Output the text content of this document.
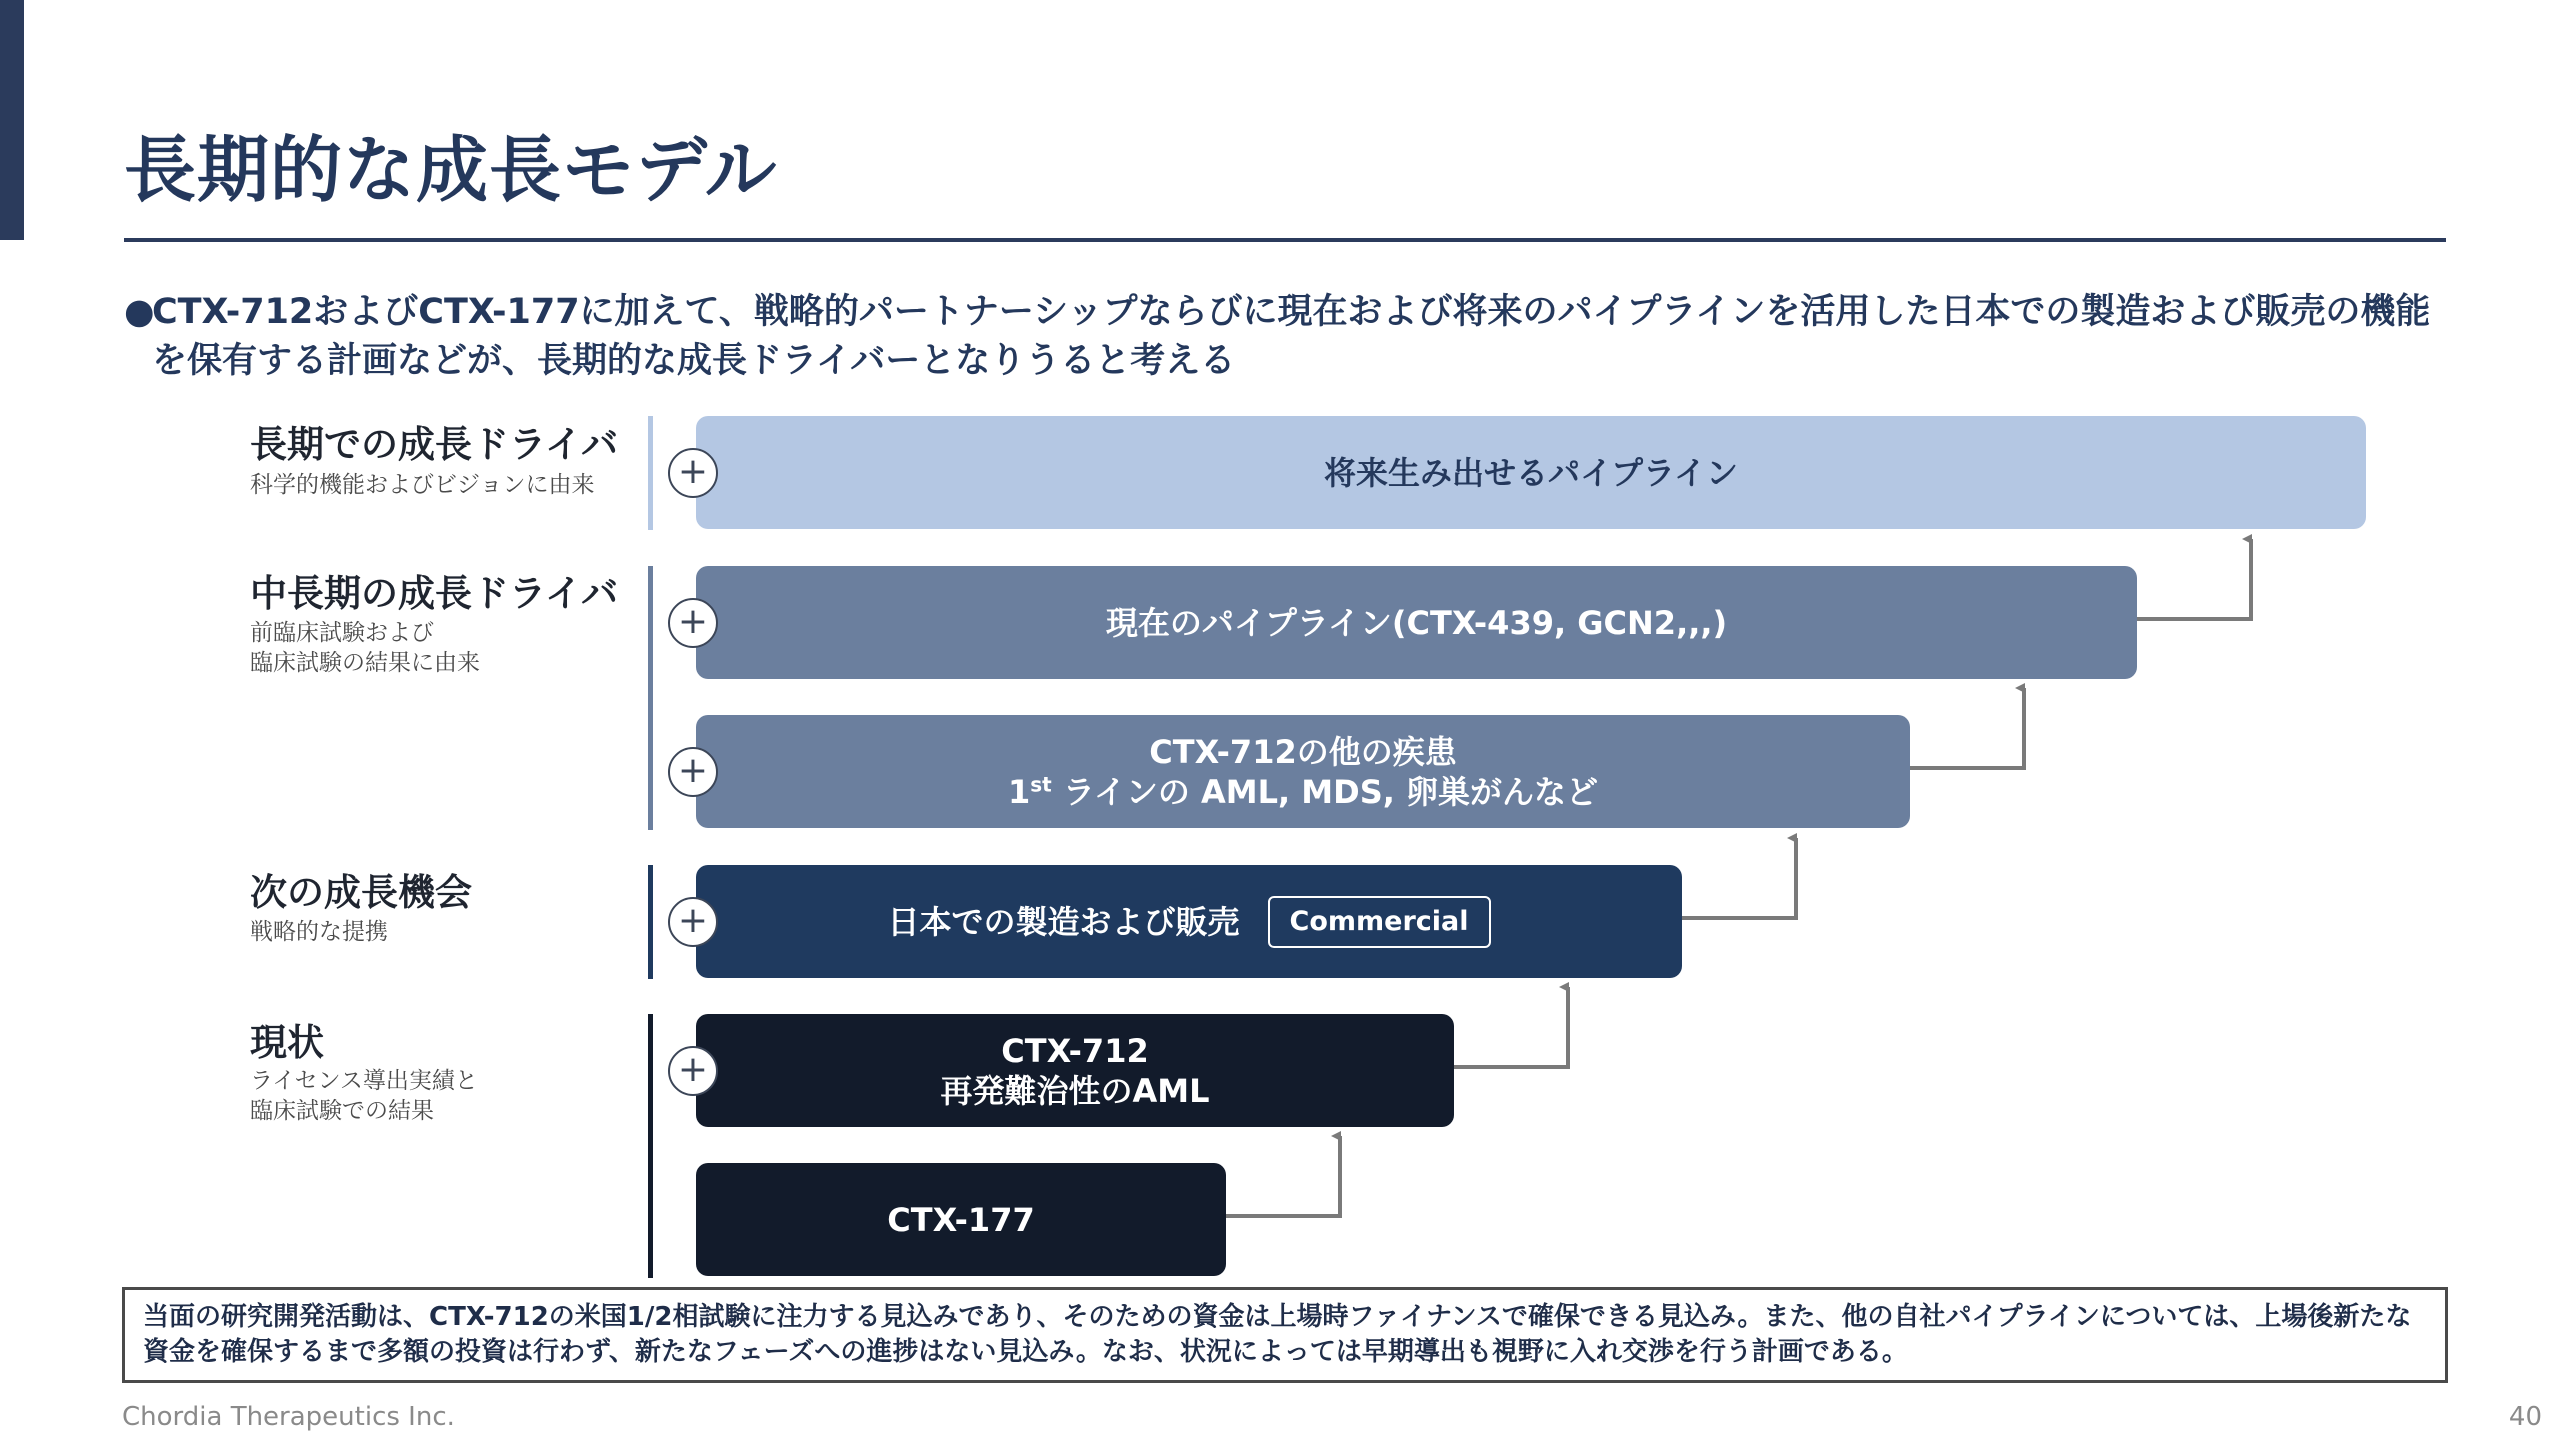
長期的な成長モデル
●
CTX-712およびCTX-177に加えて、戦略的パートナーシップならびに現在および将来のパイプラインを活用した日本での製造および販売の機能を保有する計画などが、長期的な成長ドライバーとなりうると考える
長期での成長ドライバ
科学的機能およびビジョンに由来
中長期の成長ドライバ
前臨床試験および
臨床試験の結果に由来
次の成長機会
戦略的な提携
現状
ライセンス導出実績と
臨床試験での結果
将来生み出せるパイプライン
現在のパイプライン(CTX-439, GCN2,,,)
CTX-712の他の疾患
1st ラインの AML, MDS, 卵巣がんなど
日本での製造および販売	Commercial
CTX-712
再発難治性のAML
CTX-177
+
+
+
+
+
当面の研究開発活動は、CTX-712の米国1/2相試験に注力する見込みであり、そのための資金は上場時ファイナンスで確保できる見込み。また、他の自社パイプラインについては、上場後新たな資金を確保するまで多額の投資は行わず、新たなフェーズへの進捗はない見込み。なお、状況によっては早期導出も視野に入れ交渉を行う計画である。
Chordia Therapeutics Inc.	40
